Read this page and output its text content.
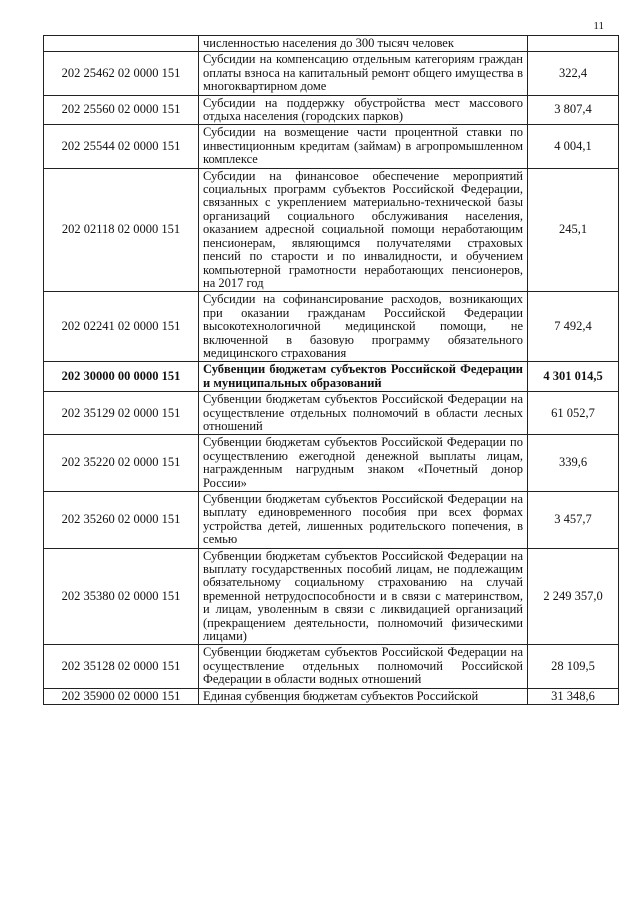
11
	численностью населения до 300 тысяч человек	
202 25462 02 0000 151	Субсидии на компенсацию отдельным категориям граждан оплаты взноса на капитальный ремонт общего имущества в многоквартирном доме	322,4
202 25560 02 0000 151	Субсидии на поддержку обустройства мест массового отдыха населения (городских парков)	3 807,4
202 25544 02 0000 151	Субсидии на возмещение части процентной ставки по инвестиционным кредитам (займам) в агропромышленном комплексе	4 004,1
202 02118 02 0000 151	Субсидии на финансовое обеспечение мероприятий социальных программ субъектов Российской Федерации, связанных с укреплением материально-технической базы организаций социального обслуживания населения, оказанием адресной социальной помощи неработающим пенсионерам, являющимся получателями страховых пенсий по старости и по инвалидности, и обучением компьютерной грамотности неработающих пенсионеров, на 2017 год	245,1
202 02241 02 0000 151	Субсидии на софинансирование расходов, возникающих при оказании гражданам Российской Федерации высокотехнологичной медицинской помощи, не включенной в базовую программу обязательного медицинского страхования	7 492,4
202 30000 00 0000 151	Субвенции бюджетам субъектов Российской Федерации и муниципальных образований	4 301 014,5
202 35129 02 0000 151	Субвенции бюджетам субъектов Российской Федерации на осуществление отдельных полномочий в области лесных отношений	61 052,7
202 35220 02 0000 151	Субвенции бюджетам субъектов Российской Федерации по осуществлению ежегодной денежной выплаты лицам, награжденным нагрудным знаком «Почетный донор России»	339,6
202 35260 02 0000 151	Субвенции бюджетам субъектов Российской Федерации на выплату единовременного пособия при всех формах устройства детей, лишенных родительского попечения, в семью	3 457,7
202 35380 02 0000 151	Субвенции бюджетам субъектов Российской Федерации на выплату государственных пособий лицам, не подлежащим обязательному социальному страхованию на случай временной нетрудоспособности и в связи с материнством, и лицам, уволенным в связи с ликвидацией организаций (прекращением деятельности, полномочий физическими лицами)	2 249 357,0
202 35128 02 0000 151	Субвенции бюджетам субъектов Российской Федерации на осуществление отдельных полномочий Российской Федерации в области водных отношений	28 109,5
202 35900 02 0000 151	Единая субвенция бюджетам субъектов Российской	31 348,6
